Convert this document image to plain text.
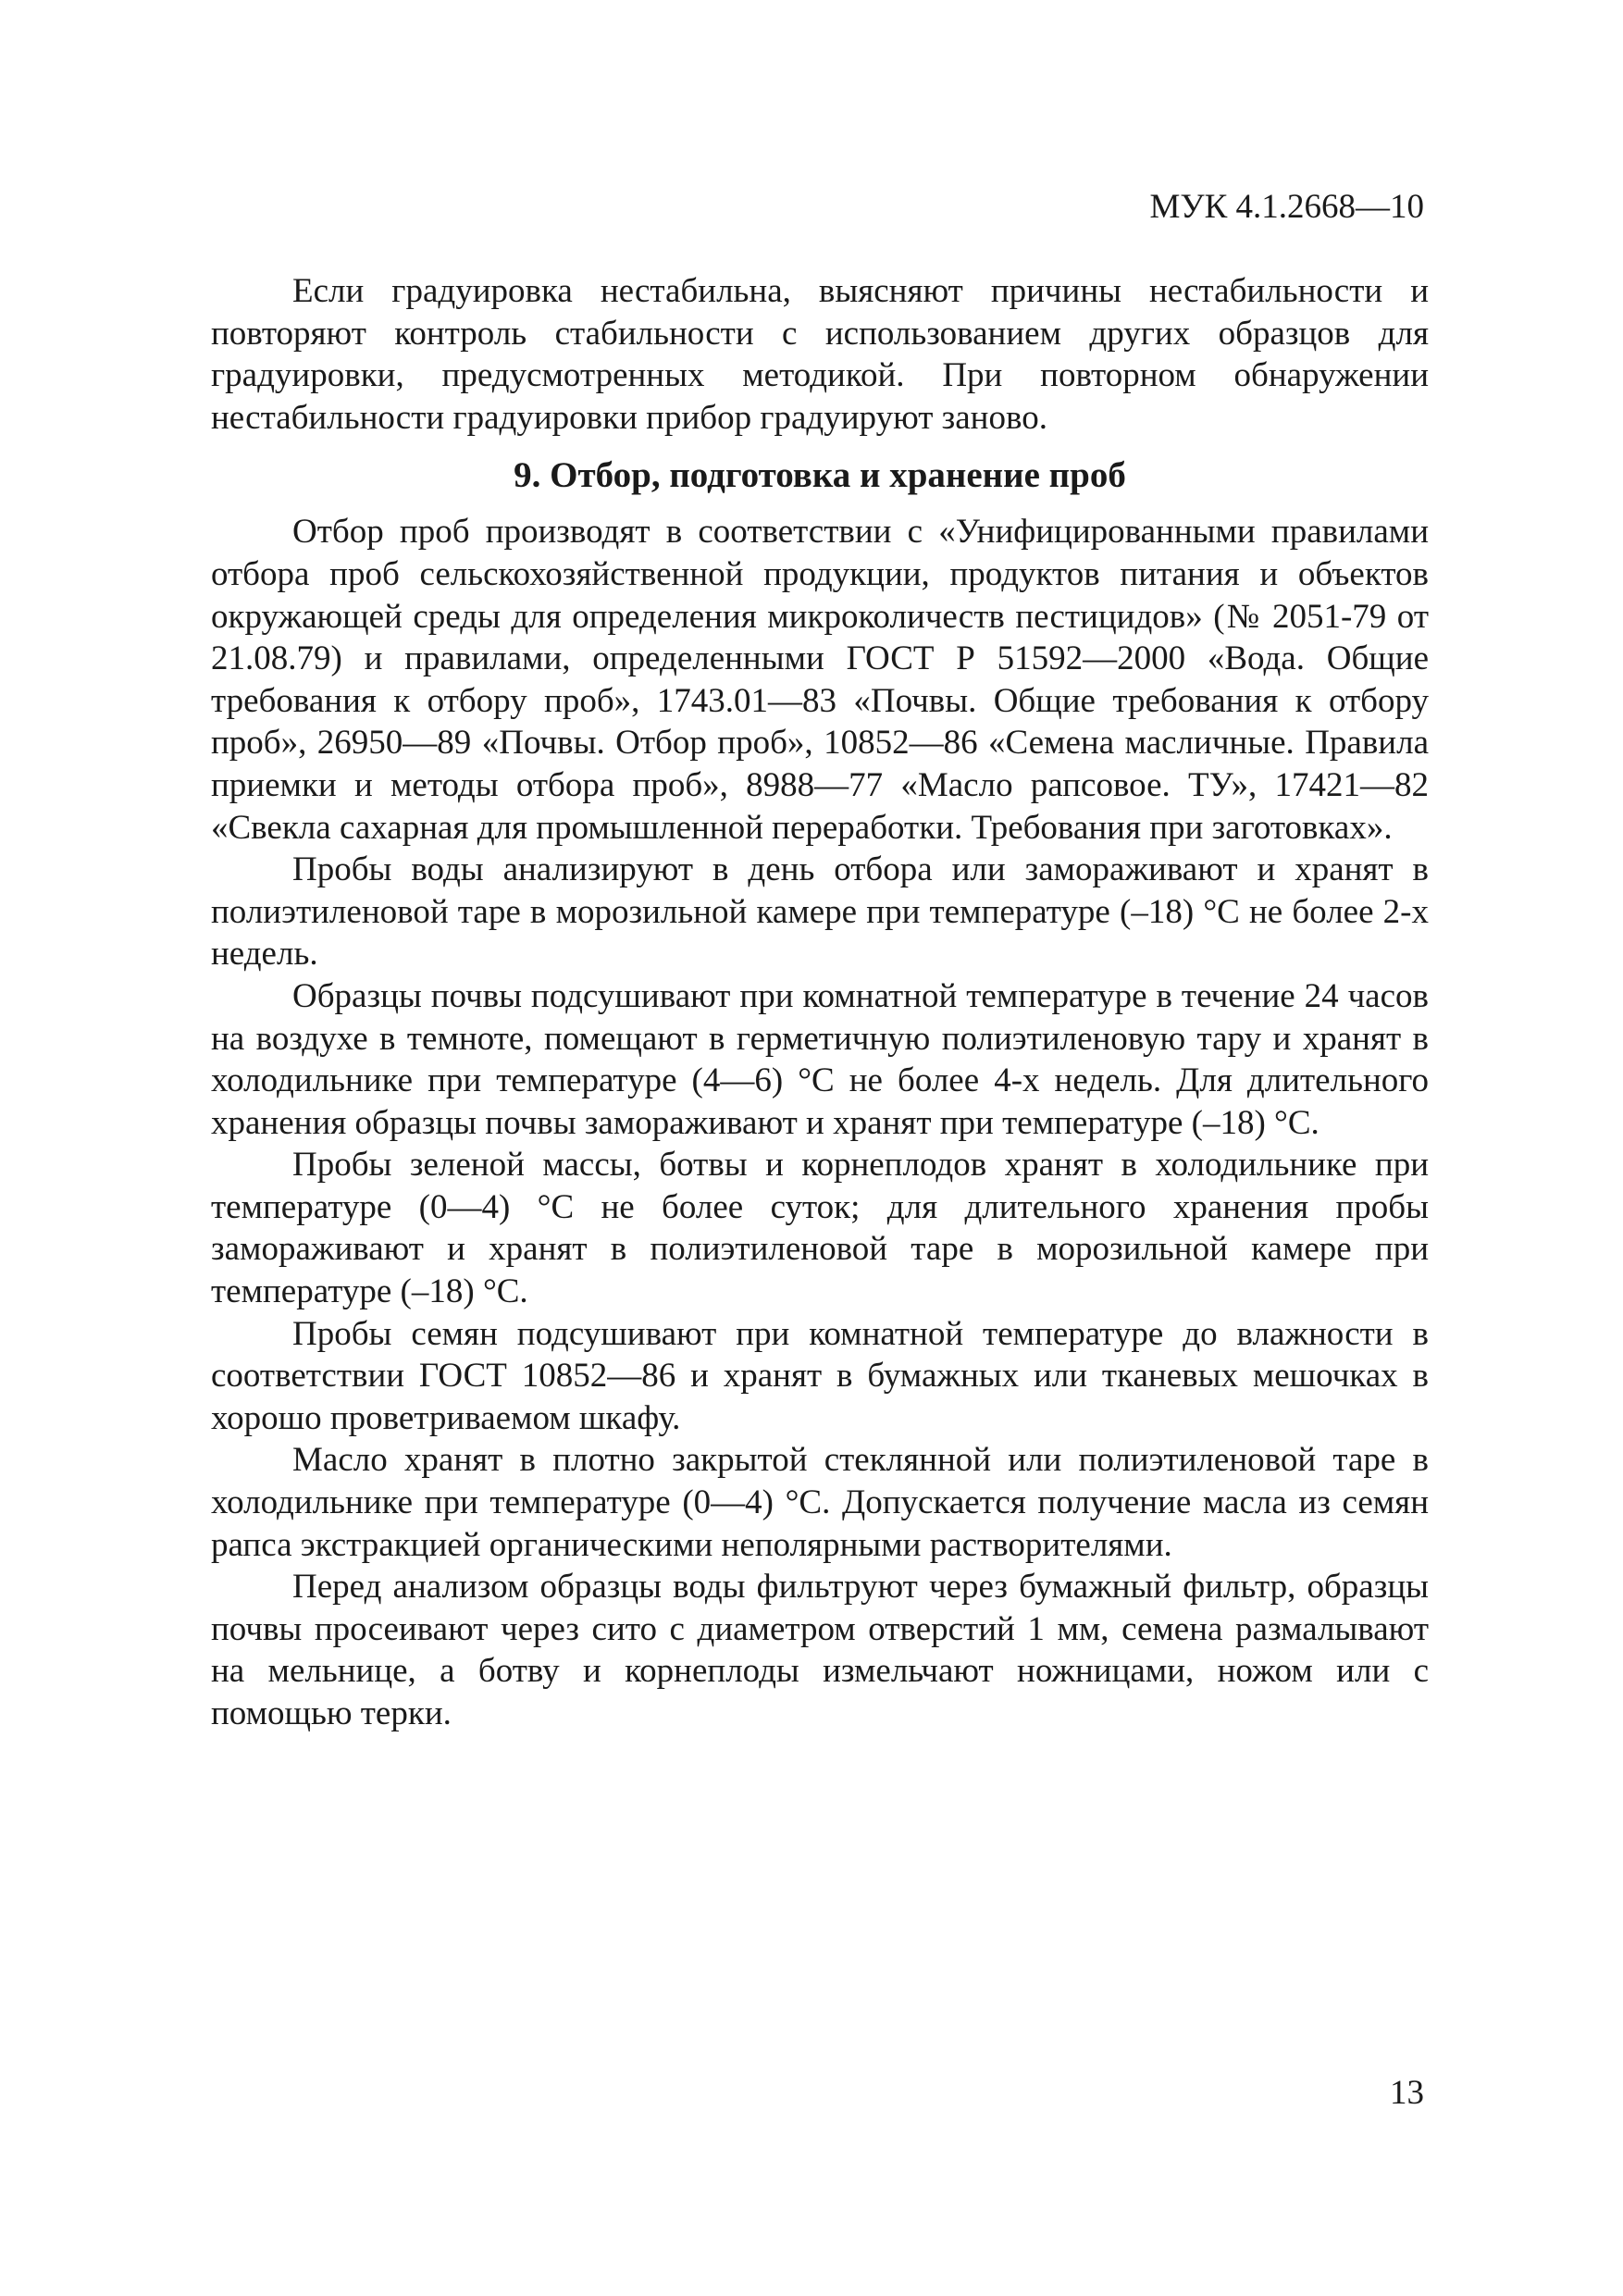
МУК 4.1.2668—10

Если градуировка нестабильна, выясняют причины нестабильности и повторяют контроль стабильности с использованием других образцов для градуировки, предусмотренных методикой. При повторном обнаружении нестабильности градуировки прибор градуируют заново.

9. Отбор, подготовка и хранение проб

Отбор проб производят в соответствии с «Унифицированными правилами отбора проб сельскохозяйственной продукции, продуктов питания и объектов окружающей среды для определения микроколичеств пестицидов» (№ 2051-79 от 21.08.79) и правилами, определенными ГОСТ Р 51592—2000 «Вода. Общие требования к отбору проб», 1743.01—83 «Почвы. Общие требования к отбору проб», 26950—89 «Почвы. Отбор проб», 10852—86 «Семена масличные. Правила приемки и методы отбора проб», 8988—77 «Масло рапсовое. ТУ», 17421—82 «Свекла сахарная для промышленной переработки. Требования при заготовках».

Пробы воды анализируют в день отбора или замораживают и хранят в полиэтиленовой таре в морозильной камере при температуре (–18) °С не более 2-х недель.

Образцы почвы подсушивают при комнатной температуре в течение 24 часов на воздухе в темноте, помещают в герметичную полиэтиленовую тару и хранят в холодильнике при температуре (4—6) °С не более 4-х недель. Для длительного хранения образцы почвы замораживают и хранят при температуре (–18) °С.

Пробы зеленой массы, ботвы и корнеплодов хранят в холодильнике при температуре (0—4) °С не более суток; для длительного хранения пробы замораживают и хранят в полиэтиленовой таре в морозильной камере при температуре (–18) °С.

Пробы семян подсушивают при комнатной температуре до влажности в соответствии ГОСТ 10852—86 и хранят в бумажных или тканевых мешочках в хорошо проветриваемом шкафу.

Масло хранят в плотно закрытой стеклянной или полиэтиленовой таре в холодильнике при температуре (0—4) °С. Допускается получение масла из семян рапса экстракцией органическими неполярными растворителями.

Перед анализом образцы воды фильтруют через бумажный фильтр, образцы почвы просеивают через сито с диаметром отверстий 1 мм, семена размалывают на мельнице, а ботву и корнеплоды измельчают ножницами, ножом или с помощью терки.

13
